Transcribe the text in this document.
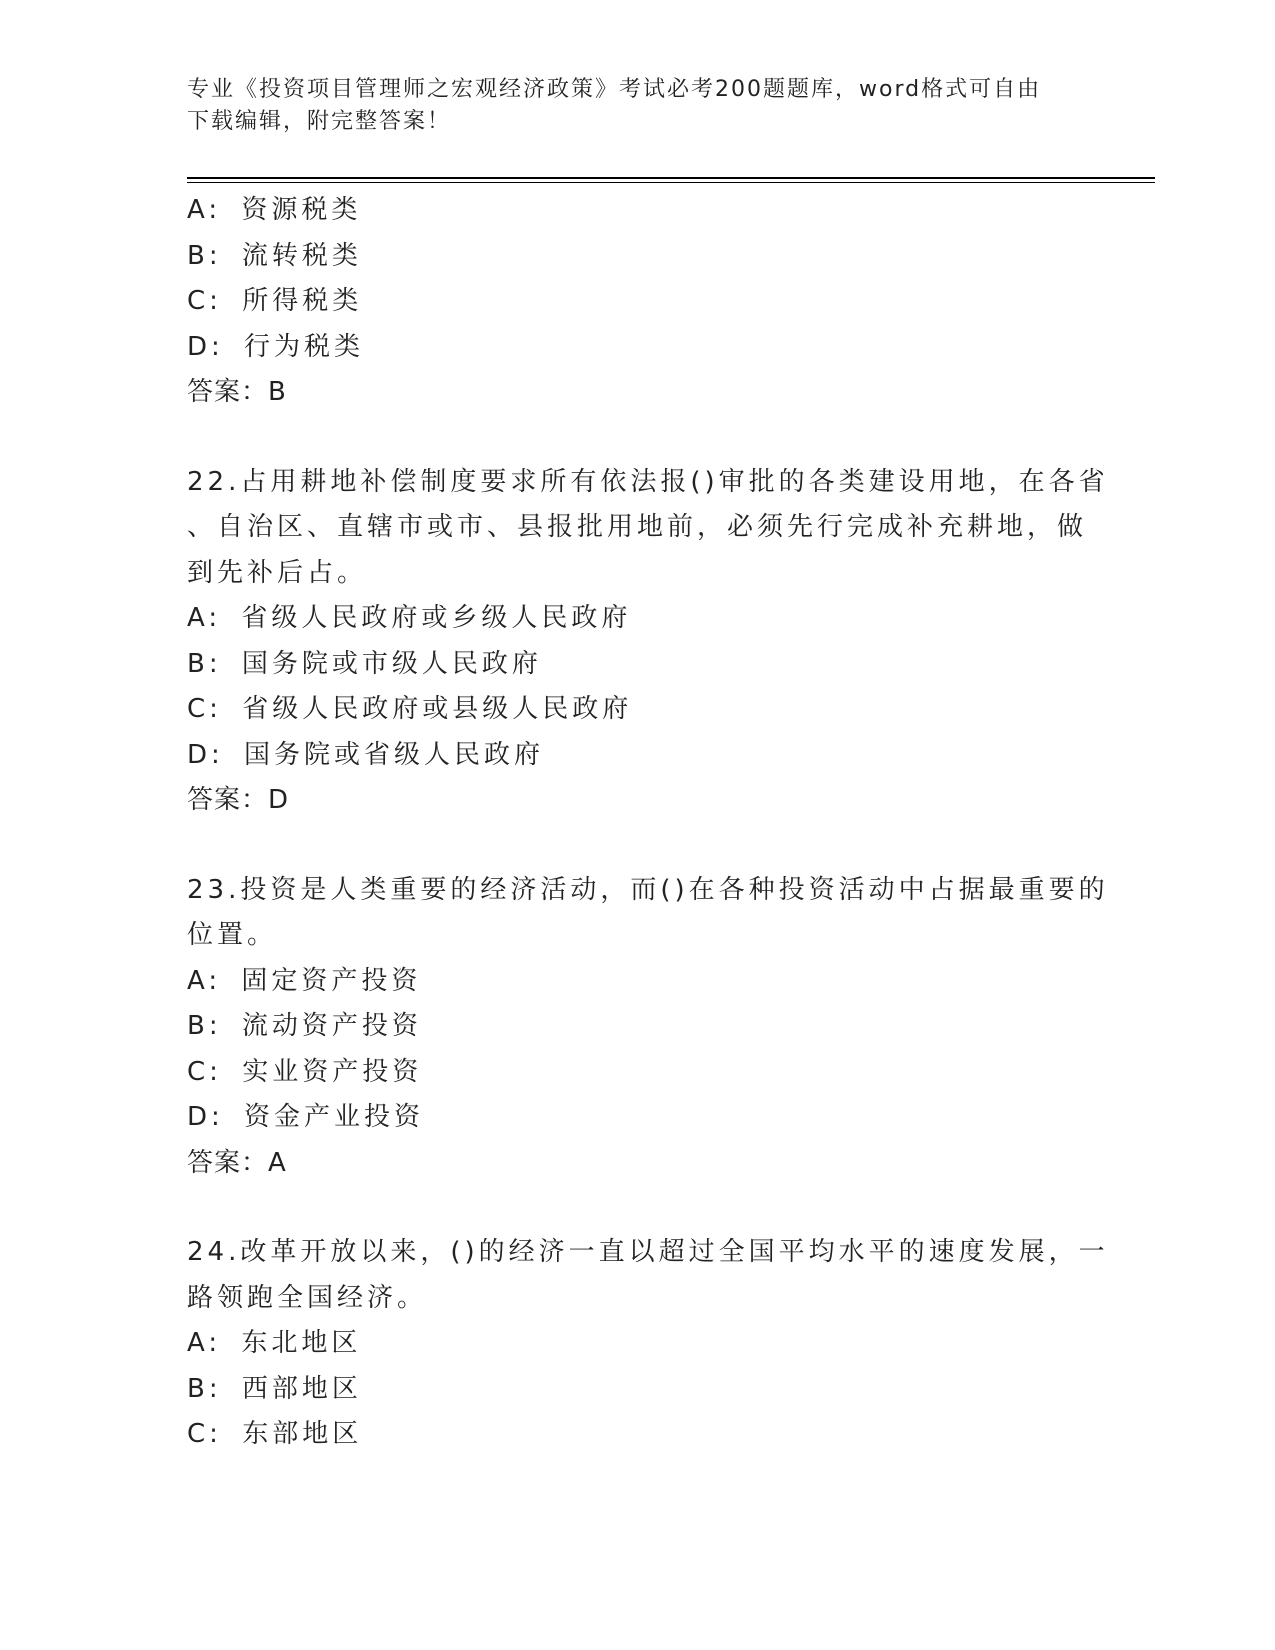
专业《投资项目管理师之宏观经济政策》考试必考200题题库，word格式可自由
下载编辑，附完整答案！
A: 资源税类
B: 流转税类
C: 所得税类
D: 行为税类
答案：B
22.占用耕地补偿制度要求所有依法报()审批的各类建设用地，在各省
、自治区、直辖市或市、县报批用地前，必须先行完成补充耕地，做
到先补后占。
A: 省级人民政府或乡级人民政府
B: 国务院或市级人民政府
C: 省级人民政府或县级人民政府
D: 国务院或省级人民政府
答案：D
23.投资是人类重要的经济活动，而()在各种投资活动中占据最重要的
位置。
A: 固定资产投资
B: 流动资产投资
C: 实业资产投资
D: 资金产业投资
答案：A
24.改革开放以来，()的经济一直以超过全国平均水平的速度发展，一
路领跑全国经济。
A: 东北地区
B: 西部地区
C: 东部地区
